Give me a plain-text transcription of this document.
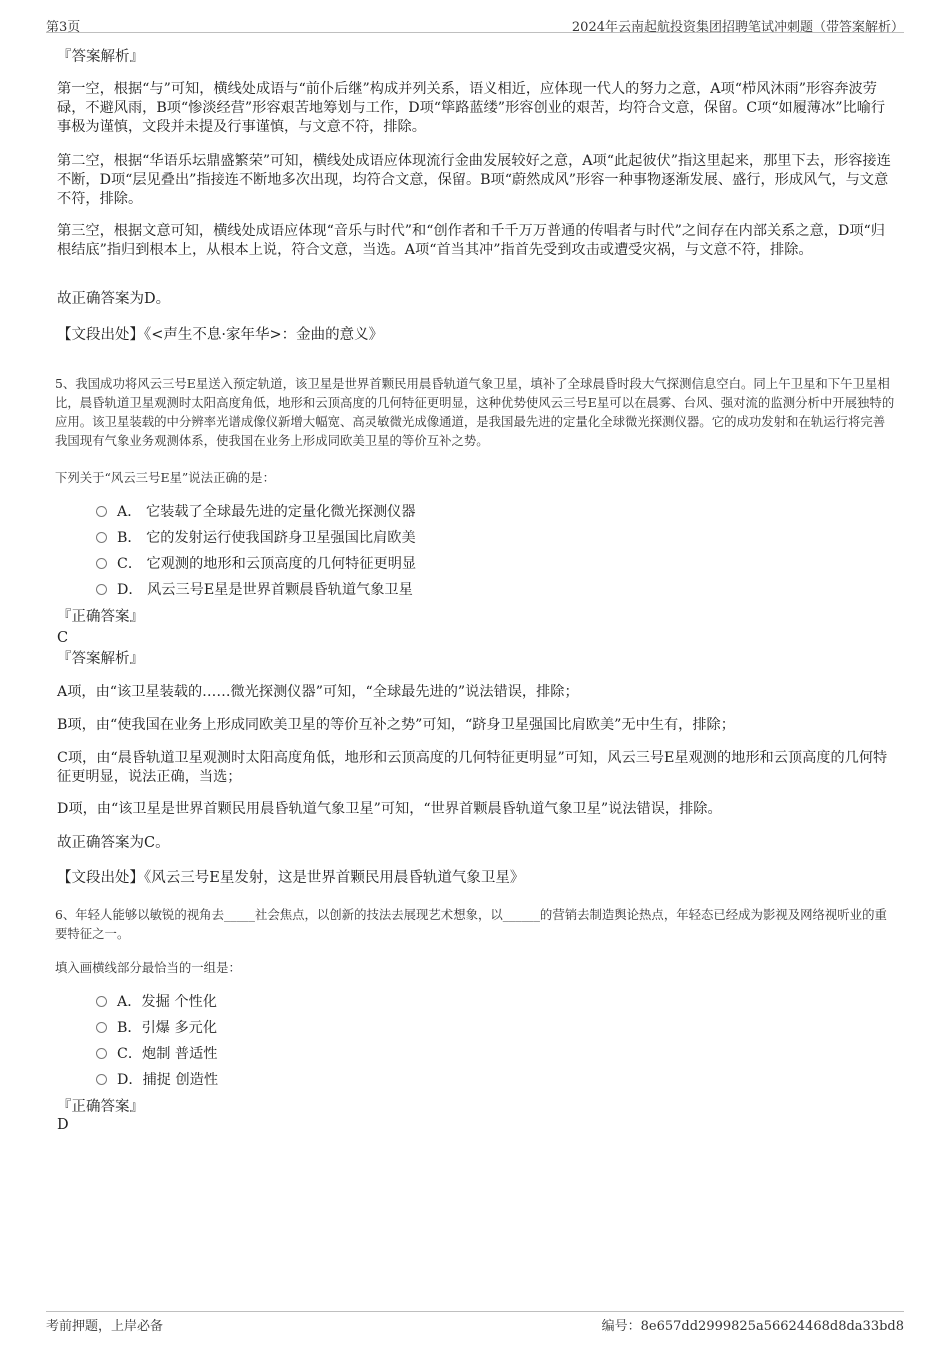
第3页	2024年云南起航投资集团招聘笔试冲刺题（带答案解析）
『答案解析』

第一空，根据“与”可知，横线处成语与“前仆后继”构成并列关系，语义相近，应体现一代人的努力之意，A项“栉风沐雨”形容奔波劳碌，不避风雨，B项“惨淡经营”形容艰苦地筹划与工作，D项“筚路蓝缕”形容创业的艰苦，均符合文意，保留。C项“如履薄冰”比喻行事极为谨慎，文段并未提及行事谨慎，与文意不符，排除。

第二空，根据“华语乐坛鼎盛繁荣”可知，横线处成语应体现流行金曲发展较好之意，A项“此起彼伏”指这里起来，那里下去，形容接连不断，D项“层见叠出”指接连不断地多次出现，均符合文意，保留。B项“蔚然成风”形容一种事物逐渐发展、盛行，形成风气，与文意不符，排除。

第三空，根据文意可知，横线处成语应体现“音乐与时代”和“创作者和千千万万普通的传唱者与时代”之间存在内部关系之意，D项“归根结底”指归到根本上，从根本上说，符合文意，当选。A项“首当其冲”指首先受到攻击或遭受灾祸，与文意不符，排除。

故正确答案为D。
【文段出处】《<声生不息·家年华>：金曲的意义》

5、我国成功将风云三号E星送入预定轨道，该卫星是世界首颗民用晨昏轨道气象卫星，填补了全球晨昏时段大气探测信息空白。同上午卫星和下午卫星相比，晨昏轨道卫星观测时太阳高度角低，地形和云顶高度的几何特征更明显，这种优势使风云三号E星可以在晨雾、台风、强对流的监测分析中开展独特的应用。该卫星装载的中分辨率光谱成像仪新增大幅宽、高灵敏微光成像通道，是我国最先进的定量化全球微光探测仪器。它的成功发射和在轨运行将完善我国现有气象业务观测体系，使我国在业务上形成同欧美卫星的等价互补之势。

下列关于“风云三号E星”说法正确的是：
A． 它装载了全球最先进的定量化微光探测仪器
B． 它的发射运行使我国跻身卫星强国比肩欧美
C． 它观测的地形和云顶高度的几何特征更明显
D． 风云三号E星是世界首颗晨昏轨道气象卫星
『正确答案』
C
『答案解析』

A项，由“该卫星装载的……微光探测仪器”可知，“全球最先进的”说法错误，排除；

B项，由“使我国在业务上形成同欧美卫星的等价互补之势”可知，“跻身卫星强国比肩欧美”无中生有，排除；

C项，由“晨昏轨道卫星观测时太阳高度角低，地形和云顶高度的几何特征更明显”可知，风云三号E星观测的地形和云顶高度的几何特征更明显，说法正确，当选；

D项，由“该卫星是世界首颗民用晨昏轨道气象卫星”可知，“世界首颗晨昏轨道气象卫星”说法错误，排除。

故正确答案为C。
【文段出处】《风云三号E星发射，这是世界首颗民用晨昏轨道气象卫星》

6、年轻人能够以敏锐的视角去_____社会焦点，以创新的技法去展现艺术想象，以______的营销去制造舆论热点，年轻态已经成为影视及网络视听业的重要特征之一。

填入画横线部分最恰当的一组是：
A．发掘 个性化
B．引爆 多元化
C．炮制 普适性
D．捕捉 创造性
『正确答案』
D
考前押题，上岸必备	编号：8e657dd2999825a56624468d8da33bd8
